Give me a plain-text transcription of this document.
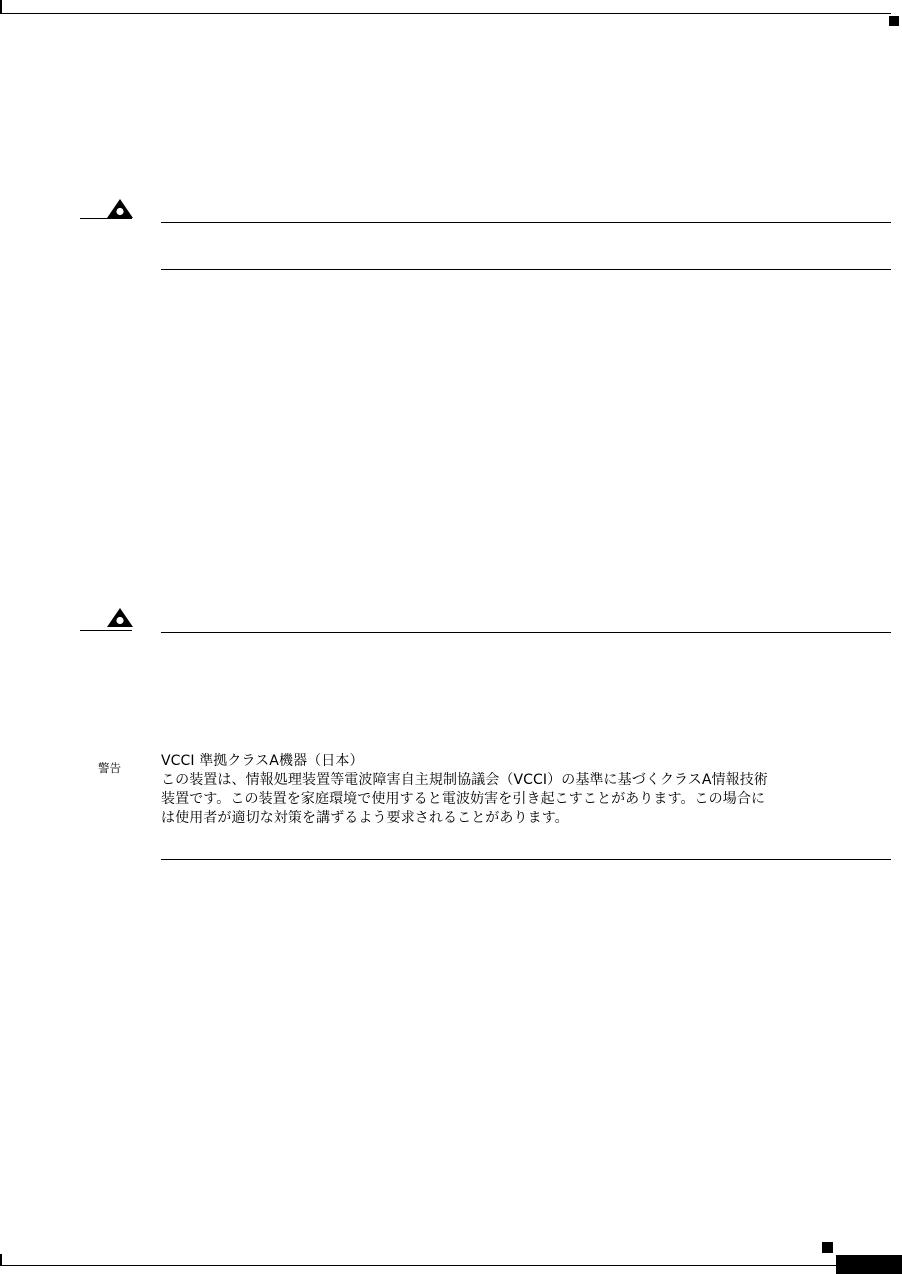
警告	VCCI 準拠クラスA機器（日本）
この装置は、情報処理装置等電波障害自主規制協議会（VCCI）の基準に基づくクラスA情報技術
装置です。この装置を家庭環境で使用すると電波妨害を引き起こすことがあります。この場合に
は使用者が適切な対策を講ずるよう要求されることがあります。
